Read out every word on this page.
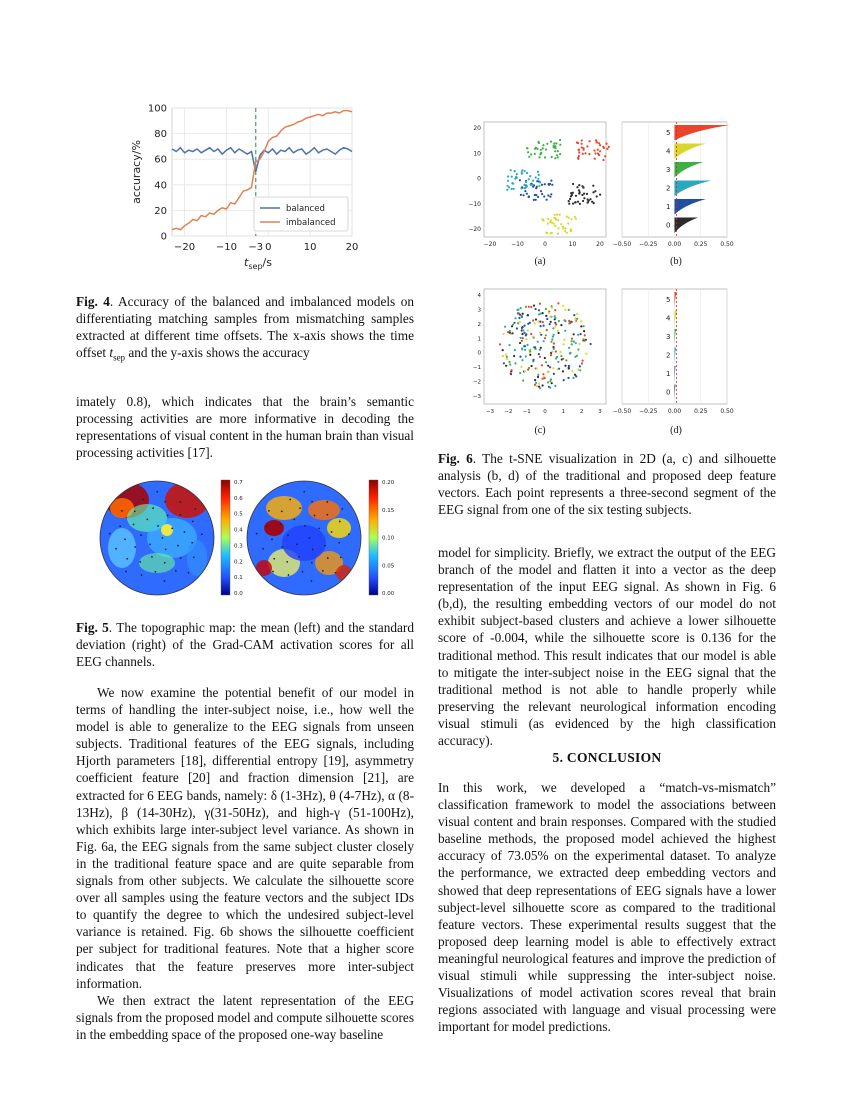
0
20
40
60
80
100
−20 −10 −3 0	10	20
balanced
imbalanced
accuracy/%
$t_{sep}/s$
Fig. 4. Accuracy of the balanced and imbalanced models on differentiating matching samples from mismatching samples extracted at different time offsets. The x-axis shows the time offset $t_{sep}$ and the y-axis shows the accuracy

imately 0.8), which indicates that the brain’s semantic processing activities are more informative in decoding the representations of visual content in the human brain than visual processing activities [17].

0.7
0.6
0.5
0.4
0.3
0.2
0.1
0.0
0.20
0.15
0.10
0.05
0.00
Fig. 5. The topographic map: the mean (left) and the standard deviation (right) of the Grad-CAM activation scores for all EEG channels.

We now examine the potential benefit of our model in terms of handling the inter-subject noise, i.e., how well the model is able to generalize to the EEG signals from unseen subjects. Traditional features of the EEG signals, including Hjorth parameters [18], differential entropy [19], asymmetry coefficient feature [20] and fraction dimension [21], are extracted for 6 EEG bands, namely: δ (1-3Hz), θ (4-7Hz), α (8-13Hz), β (14-30Hz), γ(31-50Hz), and high-γ (51-100Hz), which exhibits large inter-subject level variance. As shown in Fig. 6a, the EEG signals from the same subject cluster closely in the traditional feature space and are quite separable from signals from other subjects. We calculate the silhouette score over all samples using the feature vectors and the subject IDs to quantify the degree to which the undesired subject-level variance is retained. Fig. 6b shows the silhouette coefficient per subject for traditional features. Note that a higher score indicates that the feature preserves more inter-subject information.

We then extract the latent representation of the EEG signals from the proposed model and compute silhouette scores in the embedding space of the proposed one-way baseline

−20 −10	0	10	20
20
10
0
−10
−20
(a)
−0.50 −0.25 0.00 0.25 0.50
5
4
3
2
1
0
(b)
−3 −2 −1 0	1	2	3
4
3
2
1
0
−1
−2
−3
(c)
−0.50 −0.25 0.00 0.25 0.50
5
4
3
2
1
0
(d)
Fig. 6. The t-SNE visualization in 2D (a, c) and silhouette analysis (b, d) of the traditional and proposed deep feature vectors. Each point represents a three-second segment of the EEG signal from one of the six testing subjects.

model for simplicity. Briefly, we extract the output of the EEG branch of the model and flatten it into a vector as the deep representation of the input EEG signal. As shown in Fig. 6 (b,d), the resulting embedding vectors of our model do not exhibit subject-based clusters and achieve a lower silhouette score of -0.004, while the silhouette score is 0.136 for the traditional method. This result indicates that our model is able to mitigate the inter-subject noise in the EEG signal that the traditional method is not able to handle properly while preserving the relevant neurological information encoding visual stimuli (as evidenced by the high classification accuracy).

5. CONCLUSION

In this work, we developed a “match-vs-mismatch” classification framework to model the associations between visual content and brain responses. Compared with the studied baseline methods, the proposed model achieved the highest accuracy of 73.05% on the experimental dataset. To analyze the performance, we extracted deep embedding vectors and showed that deep representations of EEG signals have a lower subject-level silhouette score as compared to the traditional feature vectors. These experimental results suggest that the proposed deep learning model is able to effectively extract meaningful neurological features and improve the prediction of visual stimuli while suppressing the inter-subject noise. Visualizations of model activation scores reveal that brain regions associated with language and visual processing were important for model predictions.
